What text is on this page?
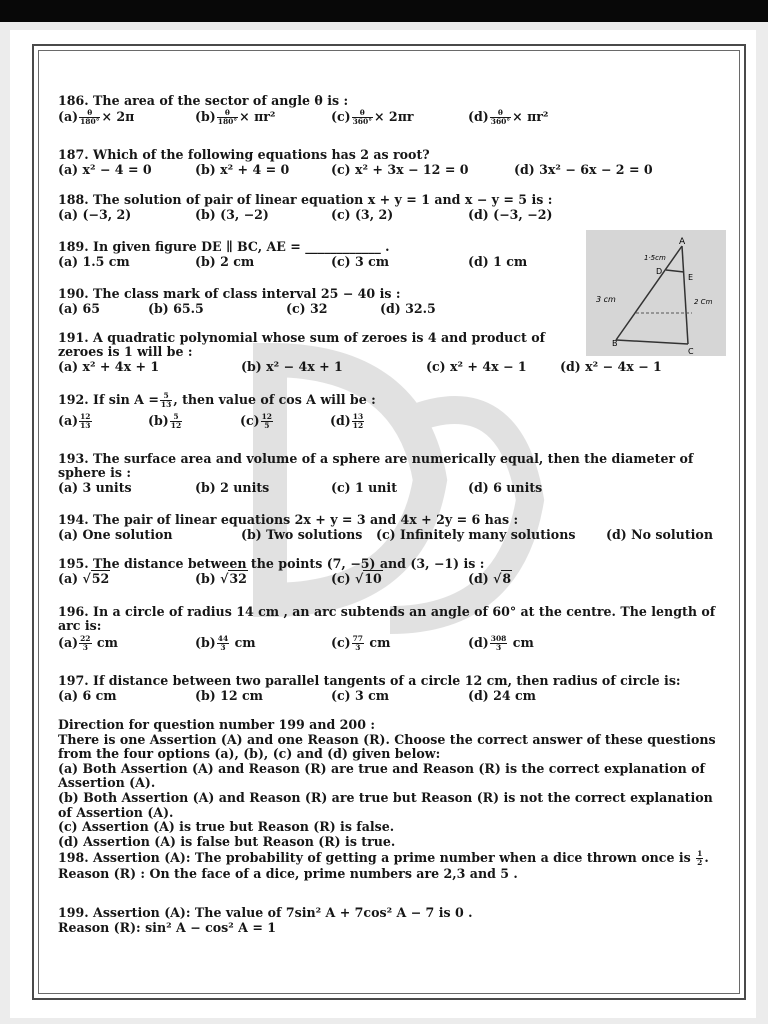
186. The area of the sector of angle θ is :
$(a) \frac{\theta}{180^\circ} \times 2\pi$	$(b) \frac{\theta}{180^\circ} \times \pi r^2$	$(c) \frac{\theta}{360^\circ} \times 2\pi r$	$(d) \frac{\theta}{360^\circ} \times \pi r^2$
187. Which of the following equations has 2 as root?
(a) x² − 4 = 0	(b) x² + 4 = 0	(c) x² + 3x − 12 = 0	(d) 3x² − 6x − 2 = 0
188. The solution of pair of linear equation x + y = 1 and x − y = 5 is :
(a) (−3, 2)	(b) (3, −2)	(c) (3, 2)	(d) (−3, −2)
189. In given figure DE ∥ BC, AE = ____________ .
(a) 1.5 cm	(b) 2 cm	(c) 3 cm	(d) 1 cm
A
1·5cm
D
E
3 cm	2 Cm
B
C
190. The class mark of class interval 25 − 40 is :
(a) 65	(b) 65.5	(c) 32	(d) 32.5
191. A quadratic polynomial whose sum of zeroes is 4 and product of zeroes is 1 will be :
(a) x² + 4x + 1	(b) x² − 4x + 1	(c) x² + 4x − 1	(d) x² − 4x − 1
192. If $\sin A = \frac{5}{13}$ , then value of cos A will be :
$(a) \frac{12}{13}$	$(b) \frac{5}{12}$	$(c) \frac{12}{5}$	$(d) \frac{13}{12}$
193. The surface area and volume of a sphere are numerically equal, then the diameter of sphere is :
(a) 3 units	(b) 2 units	(c) 1 unit	(d) 6 units
194. The pair of linear equations 2x + y = 3 and 4x + 2y = 6 has :
(a) One solution	(b) Two solutions (c) Infinitely many solutions (d) No solution
195. The distance between the points (7, −5) and (3, −1) is :
(a) √52	(b) √32	(c) √10	(d) √8
196. In a circle of radius 14 cm , an arc subtends an angle of 60° at the centre. The length of arc is:
$(a) \frac{22}{3}$ cm	$(b) \frac{44}{3}$ cm	$(c) \frac{77}{3}$ cm	$(d) \frac{308}{3}$ cm
197. If distance between two parallel tangents of a circle 12 cm, then radius of circle is:
(a) 6 cm	(b) 12 cm	(c) 3 cm	(d) 24 cm
Direction for question number 199 and 200 :
There is one Assertion (A) and one Reason (R). Choose the correct answer of these questions from the four options (a), (b), (c) and (d) given below:
(a) Both Assertion (A) and Reason (R) are true and Reason (R) is the correct explanation of Assertion (A).
(b) Both Assertion (A) and Reason (R) are true but Reason (R) is not the correct explanation of Assertion (A).
(c) Assertion (A) is true but Reason (R) is false.
(d) Assertion (A) is false but Reason (R) is true.
198. Assertion (A): The probability of getting a prime number when a dice thrown once is $\frac{1}{2}$ .
Reason (R) : On the face of a dice, prime numbers are 2,3 and 5 .
199. Assertion (A): The value of 7sin² A + 7cos² A − 7 is 0 .
Reason (R): sin² A − cos² A = 1
